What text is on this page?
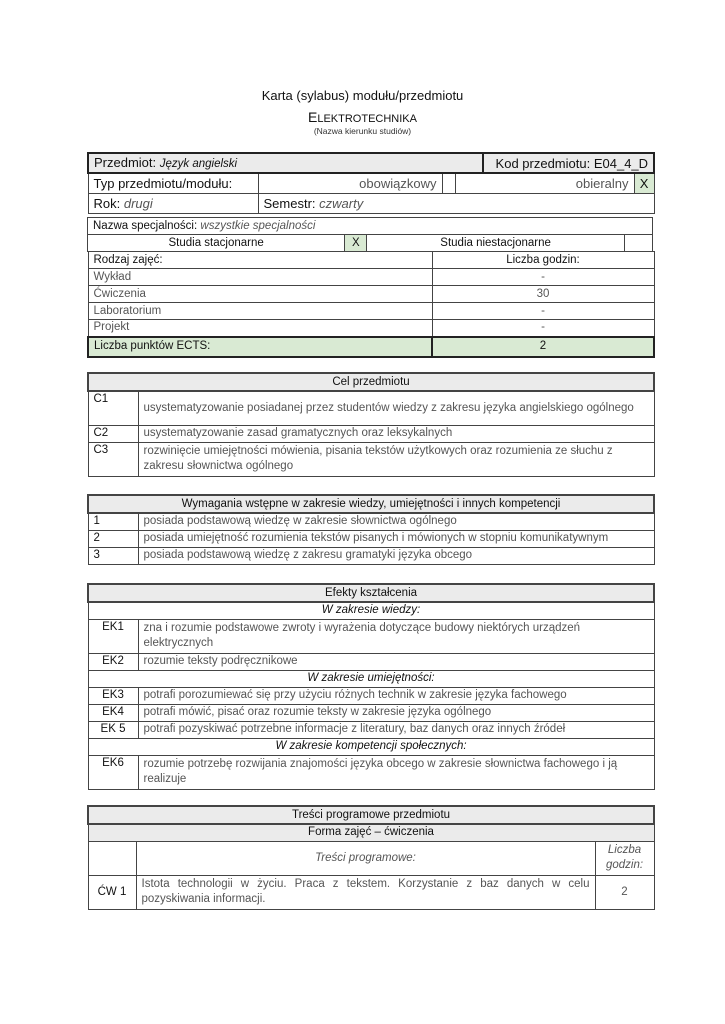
Karta (sylabus) modułu/przedmiotu
ELEKTROTECHNIKA
(Nazwa kierunku studiów)
Przedmiot: Język angielski				Kod przedmiotu: E04_4_D	
Typ przedmiotu/modułu:	obowiązkowy		obieralny		X
Rok: drugi	Semestr: czwarty				
Nazwa specjalności: wszystkie specjalności
Studia stacjonarne	X	Studia niestacjonarne	
Rodzaj zajęć:	Liczba godzin:
Wykład	-
Ćwiczenia	30
Laboratorium	-
Projekt	-
Liczba punktów ECTS:	2
Cel przedmiotu	
C1	usystematyzowanie posiadanej przez studentów wiedzy z zakresu języka angielskiego ogólnego
C2	usystematyzowanie zasad gramatycznych oraz leksykalnych
C3	rozwinięcie umiejętności mówienia, pisania tekstów użytkowych oraz rozumienia ze słuchu z zakresu słownictwa ogólnego
Wymagania wstępne w zakresie wiedzy, umiejętności i innych kompetencji	
1	posiada podstawową wiedzę w zakresie słownictwa ogólnego
2	posiada umiejętność rozumienia tekstów pisanych i mówionych w stopniu komunikatywnym
3	posiada podstawową wiedzę z zakresu gramatyki języka obcego
Efekty kształcenia	
W zakresie wiedzy:	
EK1	zna i rozumie podstawowe zwroty i wyrażenia dotyczące budowy niektórych urządzeń elektrycznych
EK2	rozumie teksty podręcznikowe
W zakresie umiejętności:	
EK3	potrafi porozumiewać się przy użyciu różnych technik w zakresie języka fachowego
EK4	potrafi mówić, pisać oraz rozumie teksty w zakresie języka ogólnego
EK 5	potrafi pozyskiwać potrzebne informacje z literatury, baz danych oraz innych źródeł
W zakresie kompetencji społecznych:	
EK6	rozumie potrzebę rozwijania znajomości języka obcego w zakresie słownictwa fachowego i ją realizuje
Treści programowe przedmiotu		
Forma zajęć – ćwiczenia		
	Treści programowe:	Liczba
godzin:
ĆW 1	Istota technologii w życiu. Praca z tekstem. Korzystanie z baz danych w celu pozyskiwania informacji.	2
